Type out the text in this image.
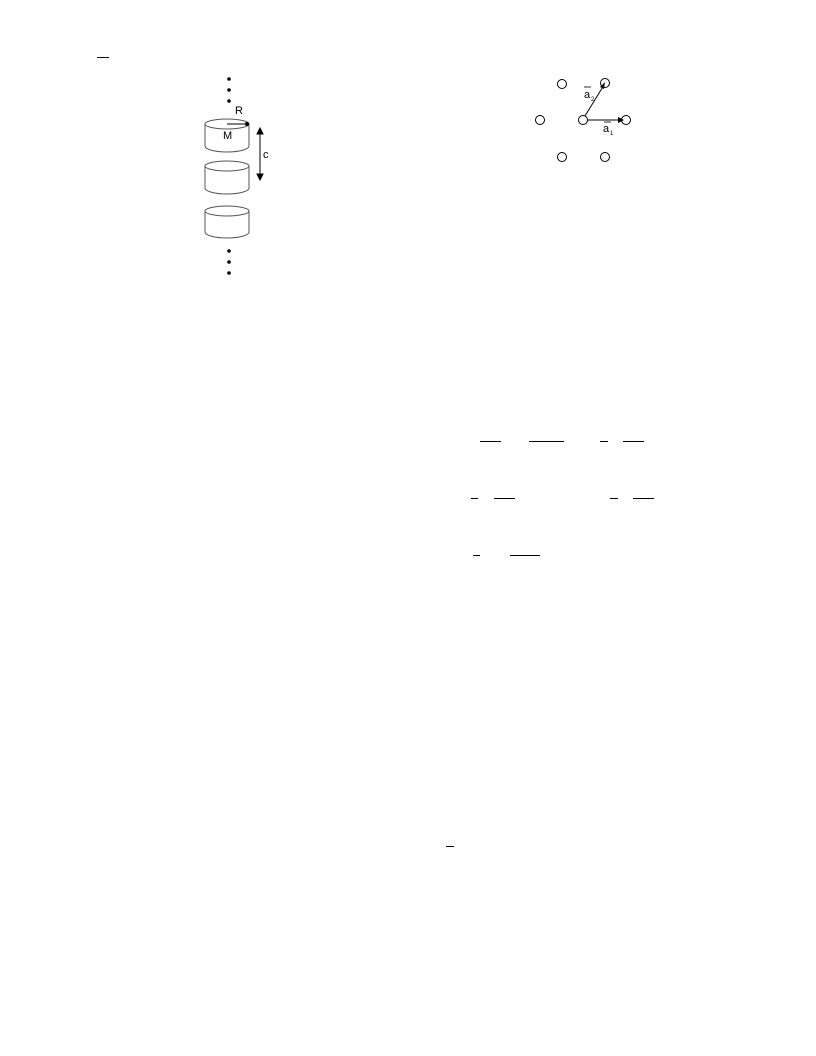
R
M
c
a 2
a 1
